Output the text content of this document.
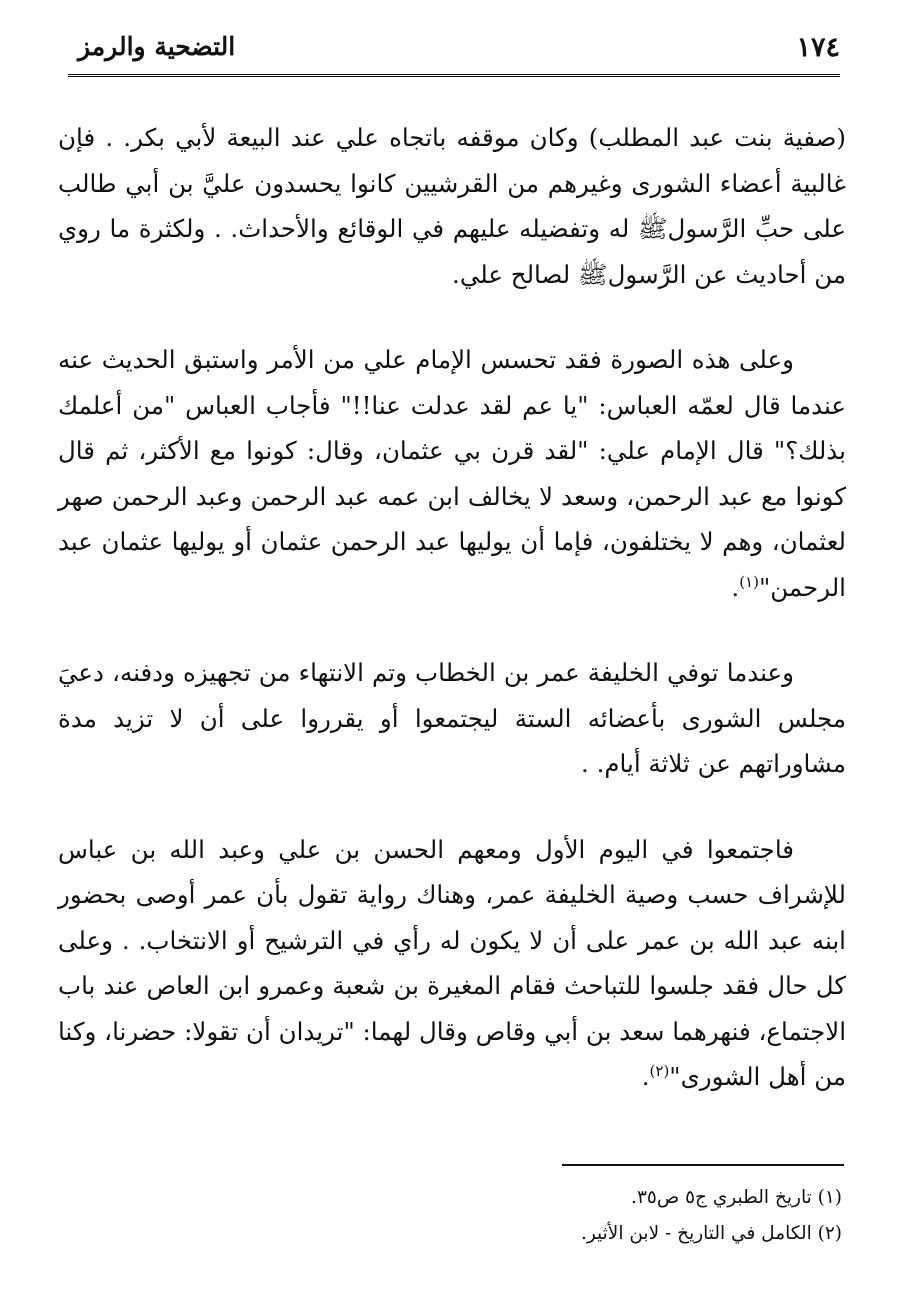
١٧٤
التضحية والرمز

(صفية بنت عبد المطلب) وكان موقفه باتجاه علي عند البيعة لأبي بكر. . فإن غالبية أعضاء الشورى وغيرهم من القرشيين كانوا يحسدون عليَّ بن أبي طالب على حبِّ الرَّسولﷺ له وتفضيله عليهم في الوقائع والأحداث. . ولكثرة ما روي من أحاديث عن الرَّسولﷺ لصالح علي.

وعلى هذه الصورة فقد تحسس الإمام علي من الأمر واستبق الحديث عنه عندما قال لعمّه العباس: "يا عم لقد عدلت عنا!!" فأجاب العباس "من أعلمك بذلك؟" قال الإمام علي: "لقد قرن بي عثمان، وقال: كونوا مع الأكثر، ثم قال كونوا مع عبد الرحمن، وسعد لا يخالف ابن عمه عبد الرحمن وعبد الرحمن صهر لعثمان، وهم لا يختلفون، فإما أن يوليها عبد الرحمن عثمان أو يوليها عثمان عبد الرحمن"$^{(١)}$.

وعندما توفي الخليفة عمر بن الخطاب وتم الانتهاء من تجهيزه ودفنه، دعيَ مجلس الشورى بأعضائه الستة ليجتمعوا أو يقرروا على أن لا تزيد مدة مشاوراتهم عن ثلاثة أيام. .

فاجتمعوا في اليوم الأول ومعهم الحسن بن علي وعبد الله بن عباس للإشراف حسب وصية الخليفة عمر، وهناك رواية تقول بأن عمر أوصى بحضور ابنه عبد الله بن عمر على أن لا يكون له رأي في الترشيح أو الانتخاب. . وعلى كل حال فقد جلسوا للتباحث فقام المغيرة بن شعبة وعمرو ابن العاص عند باب الاجتماع، فنهرهما سعد بن أبي وقاص وقال لهما: "تريدان أن تقولا: حضرنا، وكنا من أهل الشورى"$^{(٢)}$.

(١) تاريخ الطبري ج٥ ص٣٥.

(٢) الكامل في التاريخ - لابن الأثير.
